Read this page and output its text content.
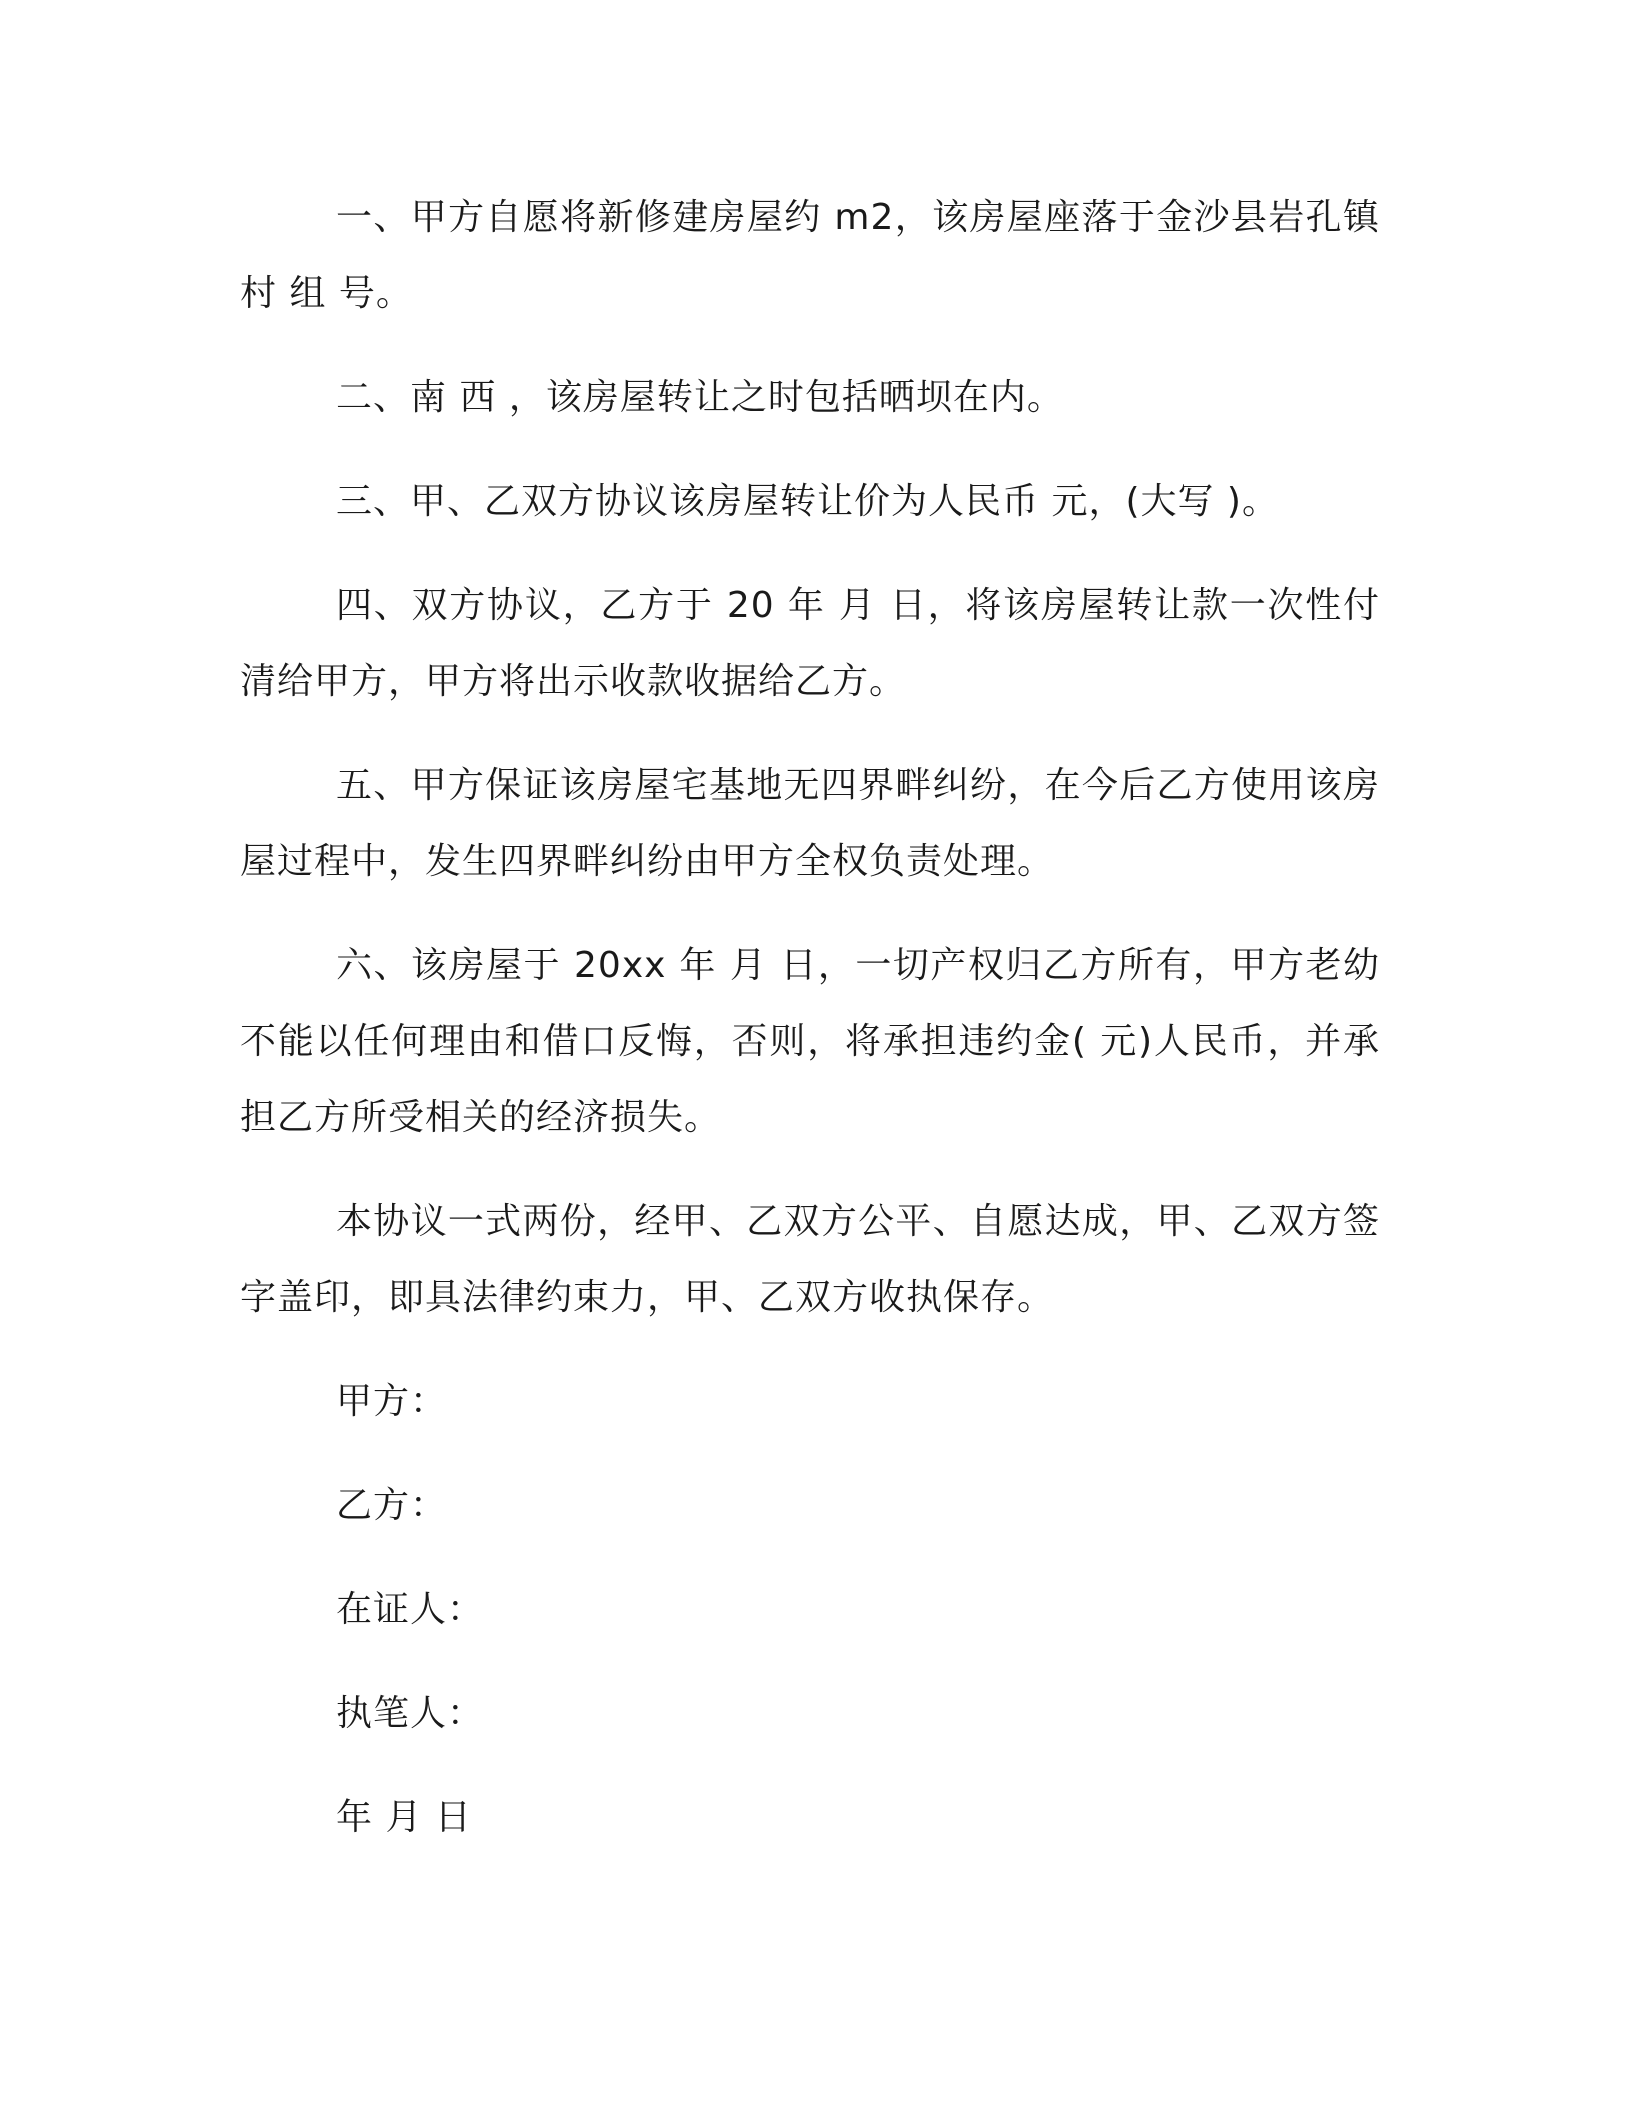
一、甲方自愿将新修建房屋约 m2，该房屋座落于金沙县岩孔镇村 组 号。

二、南 西 ，该房屋转让之时包括晒坝在内。

三、甲、乙双方协议该房屋转让价为人民币 元，(大写 )。

四、双方协议，乙方于 20 年 月 日，将该房屋转让款一次性付清给甲方，甲方将出示收款收据给乙方。

五、甲方保证该房屋宅基地无四界畔纠纷，在今后乙方使用该房屋过程中，发生四界畔纠纷由甲方全权负责处理。

六、该房屋于 20xx 年 月 日，一切产权归乙方所有，甲方老幼不能以任何理由和借口反悔，否则，将承担违约金( 元)人民币，并承担乙方所受相关的经济损失。

本协议一式两份，经甲、乙双方公平、自愿达成，甲、乙双方签字盖印，即具法律约束力，甲、乙双方收执保存。

甲方：

乙方：

在证人：

执笔人：

年 月 日
